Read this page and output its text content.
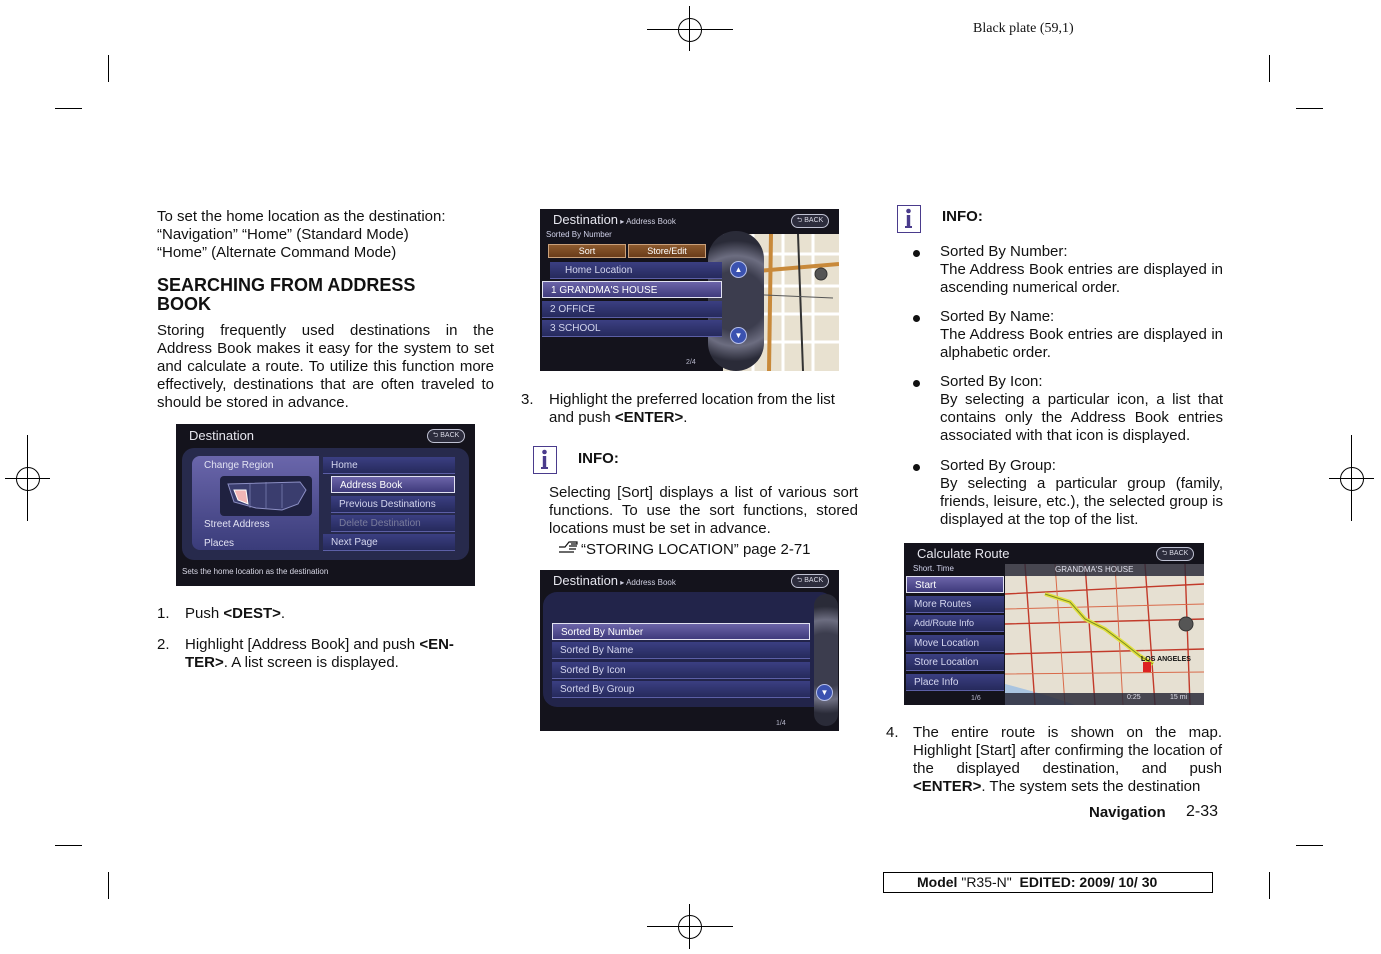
Black plate (59,1)

To set the home location as the destination:

“Navigation” “Home” (Standard Mode)

“Home” (Alternate Command Mode)

SEARCHING FROM ADDRESS

BOOK

Storing frequently used destinations in the Address Book makes it easy for the system to set and calculate a route. To utilize this function more effectively, destinations that are often traveled to should be stored in advance.

Destination	⮌ BACK
Change Region
Street Address
Places
Home
Address Book
Previous Destinations
Delete Destination
Next Page
Sets the home location as the destination
1. Push <DEST>.
2. Highlight [Address Book] and push <EN-

TER>. A list screen is displayed.

Destination ▸ Address Book	⮌ BACK
▲
▼
Sorted By Number
Sort	Store/Edit
Home Location
1 GRANDMA'S HOUSE
2 OFFICE
3 SCHOOL
2/4
3. Highlight the preferred location from the list and push <ENTER>.
INFO:

Selecting [Sort] displays a list of various sort functions. To use the sort functions, stored locations must be set in advance.

“STORING LOCATION” page 2-71
Destination ▸ Address Book	⮌ BACK
▼
Sorted By Number
Sorted By Name
Sorted By Icon
Sorted By Group
1/4
INFO:

Sorted By Number:

The Address Book entries are displayed in ascending numerical order.

Sorted By Name:

The Address Book entries are displayed in alphabetic order.

Sorted By Icon:

By selecting a particular icon, a list that contains only the Address Book entries associated with that icon is displayed.

Sorted By Group:

By selecting a particular group (family, friends, leisure, etc.), the selected group is displayed at the top of the list.

Calculate Route	⮌ BACK
GRANDMA'S HOUSE
LOS ANGELES
0:25	15 mi
Short. Time
Start
More Routes
Add/Route Info
Move Location
Store Location
Place Info
1/6
4. The entire route is shown on the map. Highlight [Start] after confirming the location of the displayed destination, and push <ENTER>. The system sets the destination

Navigation 2-33
Model "R35-N" EDITED: 2009/ 10/ 30
